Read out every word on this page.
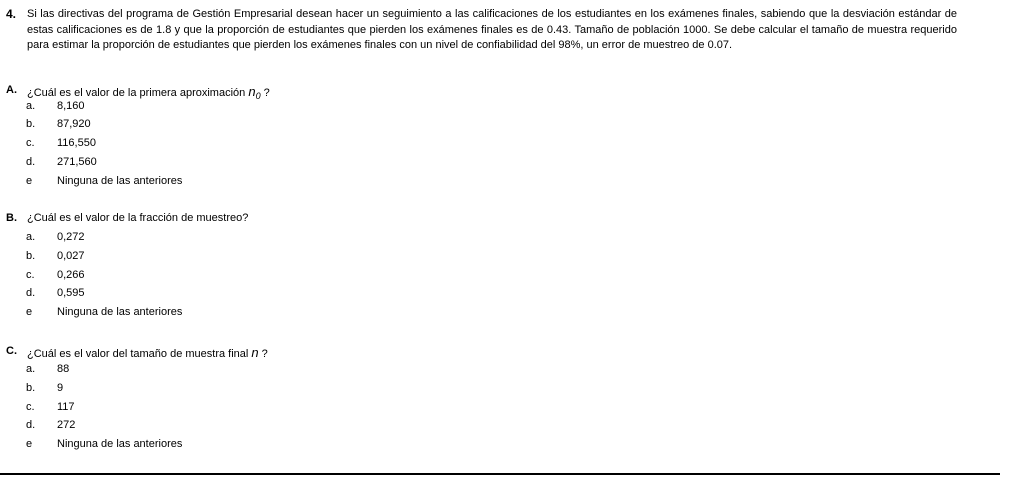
4. Si las directivas del programa de Gestión Empresarial desean hacer un seguimiento a las calificaciones de los estudiantes en los exámenes finales, sabiendo que la desviación estándar de estas calificaciones es de 1.8 y que la proporción de estudiantes que pierden los exámenes finales es de 0.43. Tamaño de población 1000. Se debe calcular el tamaño de muestra requerido para estimar la proporción de estudiantes que pierden los exámenes finales con un nivel de confiabilidad del 98%, un error de muestreo de 0.07.
A. ¿Cuál es el valor de la primera aproximación $n_0$ ?
a.	8,160
b.	87,920
c.	116,550
d.	271,560
e	Ninguna de las anteriores
B. ¿Cuál es el valor de la fracción de muestreo?
a.	0,272
b.	0,027
c.	0,266
d.	0,595
e	Ninguna de las anteriores
C. ¿Cuál es el valor del tamaño de muestra final n ?
a.	88
b.	9
c.	117
d.	272
e	Ninguna de las anteriores
